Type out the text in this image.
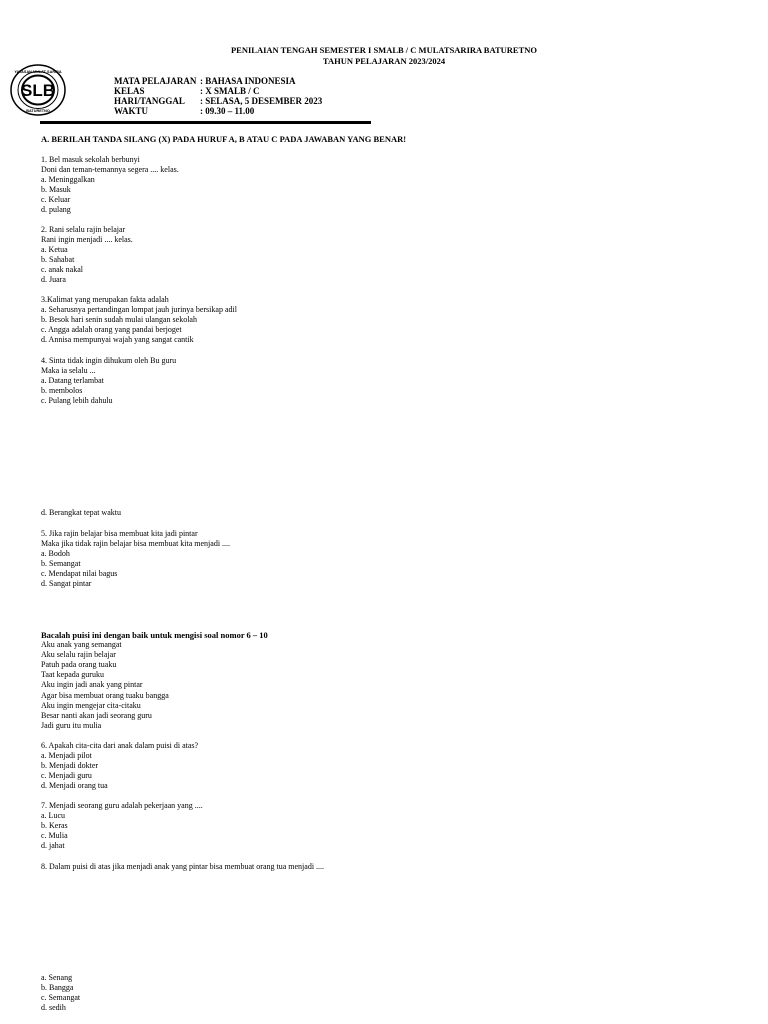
PENILAIAN TENGAH SEMESTER I SMALB / C MULATSARIRA BATURETNO
TAHUN PELAJARAN 2023/2024
SLB
YAYASAN MULAT SARIRA
BATURETNO
MATA PELAJARAN : BAHASA INDONESIA
KELAS	: X SMALB / C
HARI/TANGGAL : SELASA, 5 DESEMBER 2023
WAKTU	: 09.30 – 11.00
A. BERILAH TANDA SILANG (X) PADA HURUF A, B ATAU C PADA JAWABAN YANG BENAR!
1. Bel masuk sekolah berbunyi
Doni dan teman-temannya segera .... kelas.
a. Meninggalkan
b. Masuk
c. Keluar
d. pulang
2. Rani selalu rajin belajar
Rani ingin menjadi .... kelas.
a. Ketua
b. Sahabat
c. anak nakal
d. Juara
3.Kalimat yang merupakan fakta adalah
a. Seharusnya pertandingan lompat jauh jurinya bersikap adil
b. Besok hari senin sudah mulai ulangan sekolah
c. Angga adalah orang yang pandai berjoget
d. Annisa mempunyai wajah yang sangat cantik
4. Sinta tidak ingin dihukum oleh Bu guru
Maka ia selalu ...
a. Datang terlambat
b. membolos
c. Pulang lebih dahulu
d. Berangkat tepat waktu
5. Jika rajin belajar bisa membuat kita jadi pintar
Maka jika tidak rajin belajar bisa membuat kita menjadi ....
a. Bodoh
b. Semangat
c. Mendapat nilai bagus
d. Sangat pintar
Bacalah puisi ini dengan baik untuk mengisi soal nomor 6 – 10
Aku anak yang semangat
Aku selalu rajin belajar
Patuh pada orang tuaku
Taat kepada guruku
Aku ingin jadi anak yang pintar
Agar bisa membuat orang tuaku bangga
Aku ingin mengejar cita-citaku
Besar nanti akan jadi seorang guru
Jadi guru itu mulia
6. Apakah cita-cita dari anak dalam puisi di atas?
a. Menjadi pilot
b. Menjadi dokter
c. Menjadi guru
d. Menjadi orang tua
7. Menjadi seorang guru adalah pekerjaan yang ....
a. Lucu
b. Keras
c. Mulia
d. jahat
8. Dalam puisi di atas jika menjadi anak yang pintar bisa membuat orang tua menjadi ....
a. Senang
b. Bangga
c. Semangat
d. sedih
